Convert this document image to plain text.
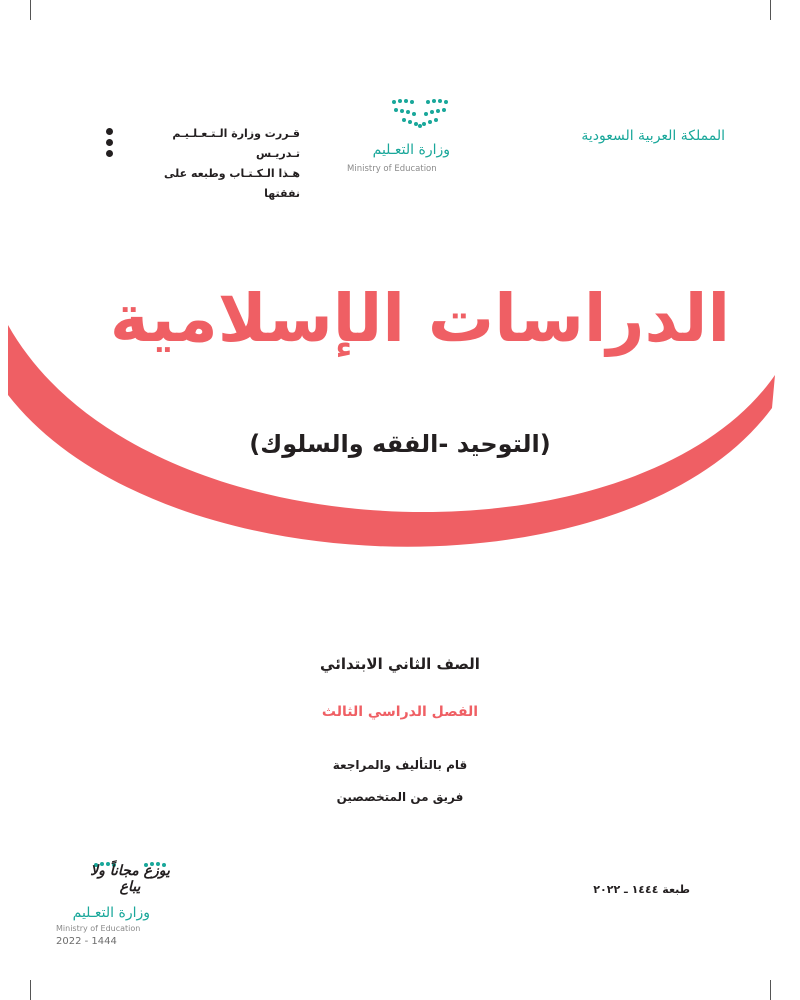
المملكة العربية السعودية
وزارة التعـليم
Ministry of Education
قـررت وزارة الـتـعـلـيـم تـدريـس
هـذا الـكـتـاب وطبعه على نفقتها
الدراسات الإسلامية
(التوحيد -الفقه والسلوك)
الصف الثاني الابتدائي
الفصل الدراسي الثالث
قام بالتأليف والمراجعة
فريق من المتخصصين
طبعة ١٤٤٤ ـ ٢٠٢٢
يوزع مجاناً ولا يباع
وزارة التعـليم
Ministry of Education
2022 - 1444
